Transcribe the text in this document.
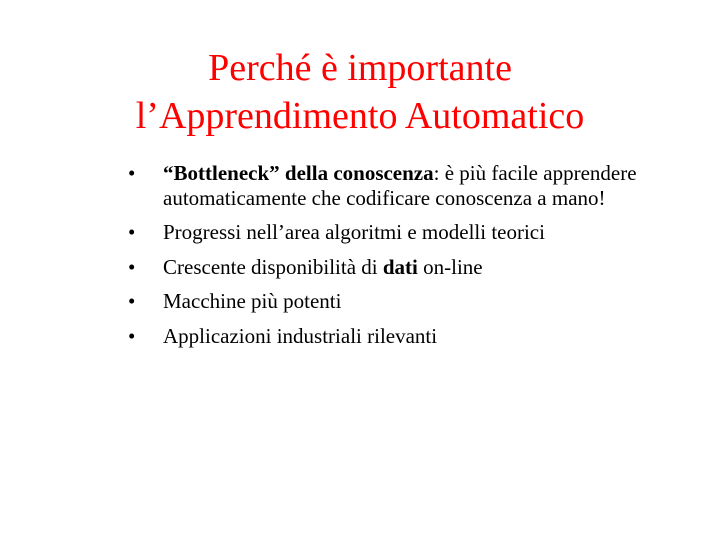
Perché è importante
l’Apprendimento Automatico
•	“Bottleneck” della conoscenza: è più facile apprendere automaticamente che codificare conoscenza a mano!
•	Progressi nell’area algoritmi e modelli teorici
•	Crescente disponibilità di dati on-line
•	Macchine più potenti
•	Applicazioni industriali rilevanti
